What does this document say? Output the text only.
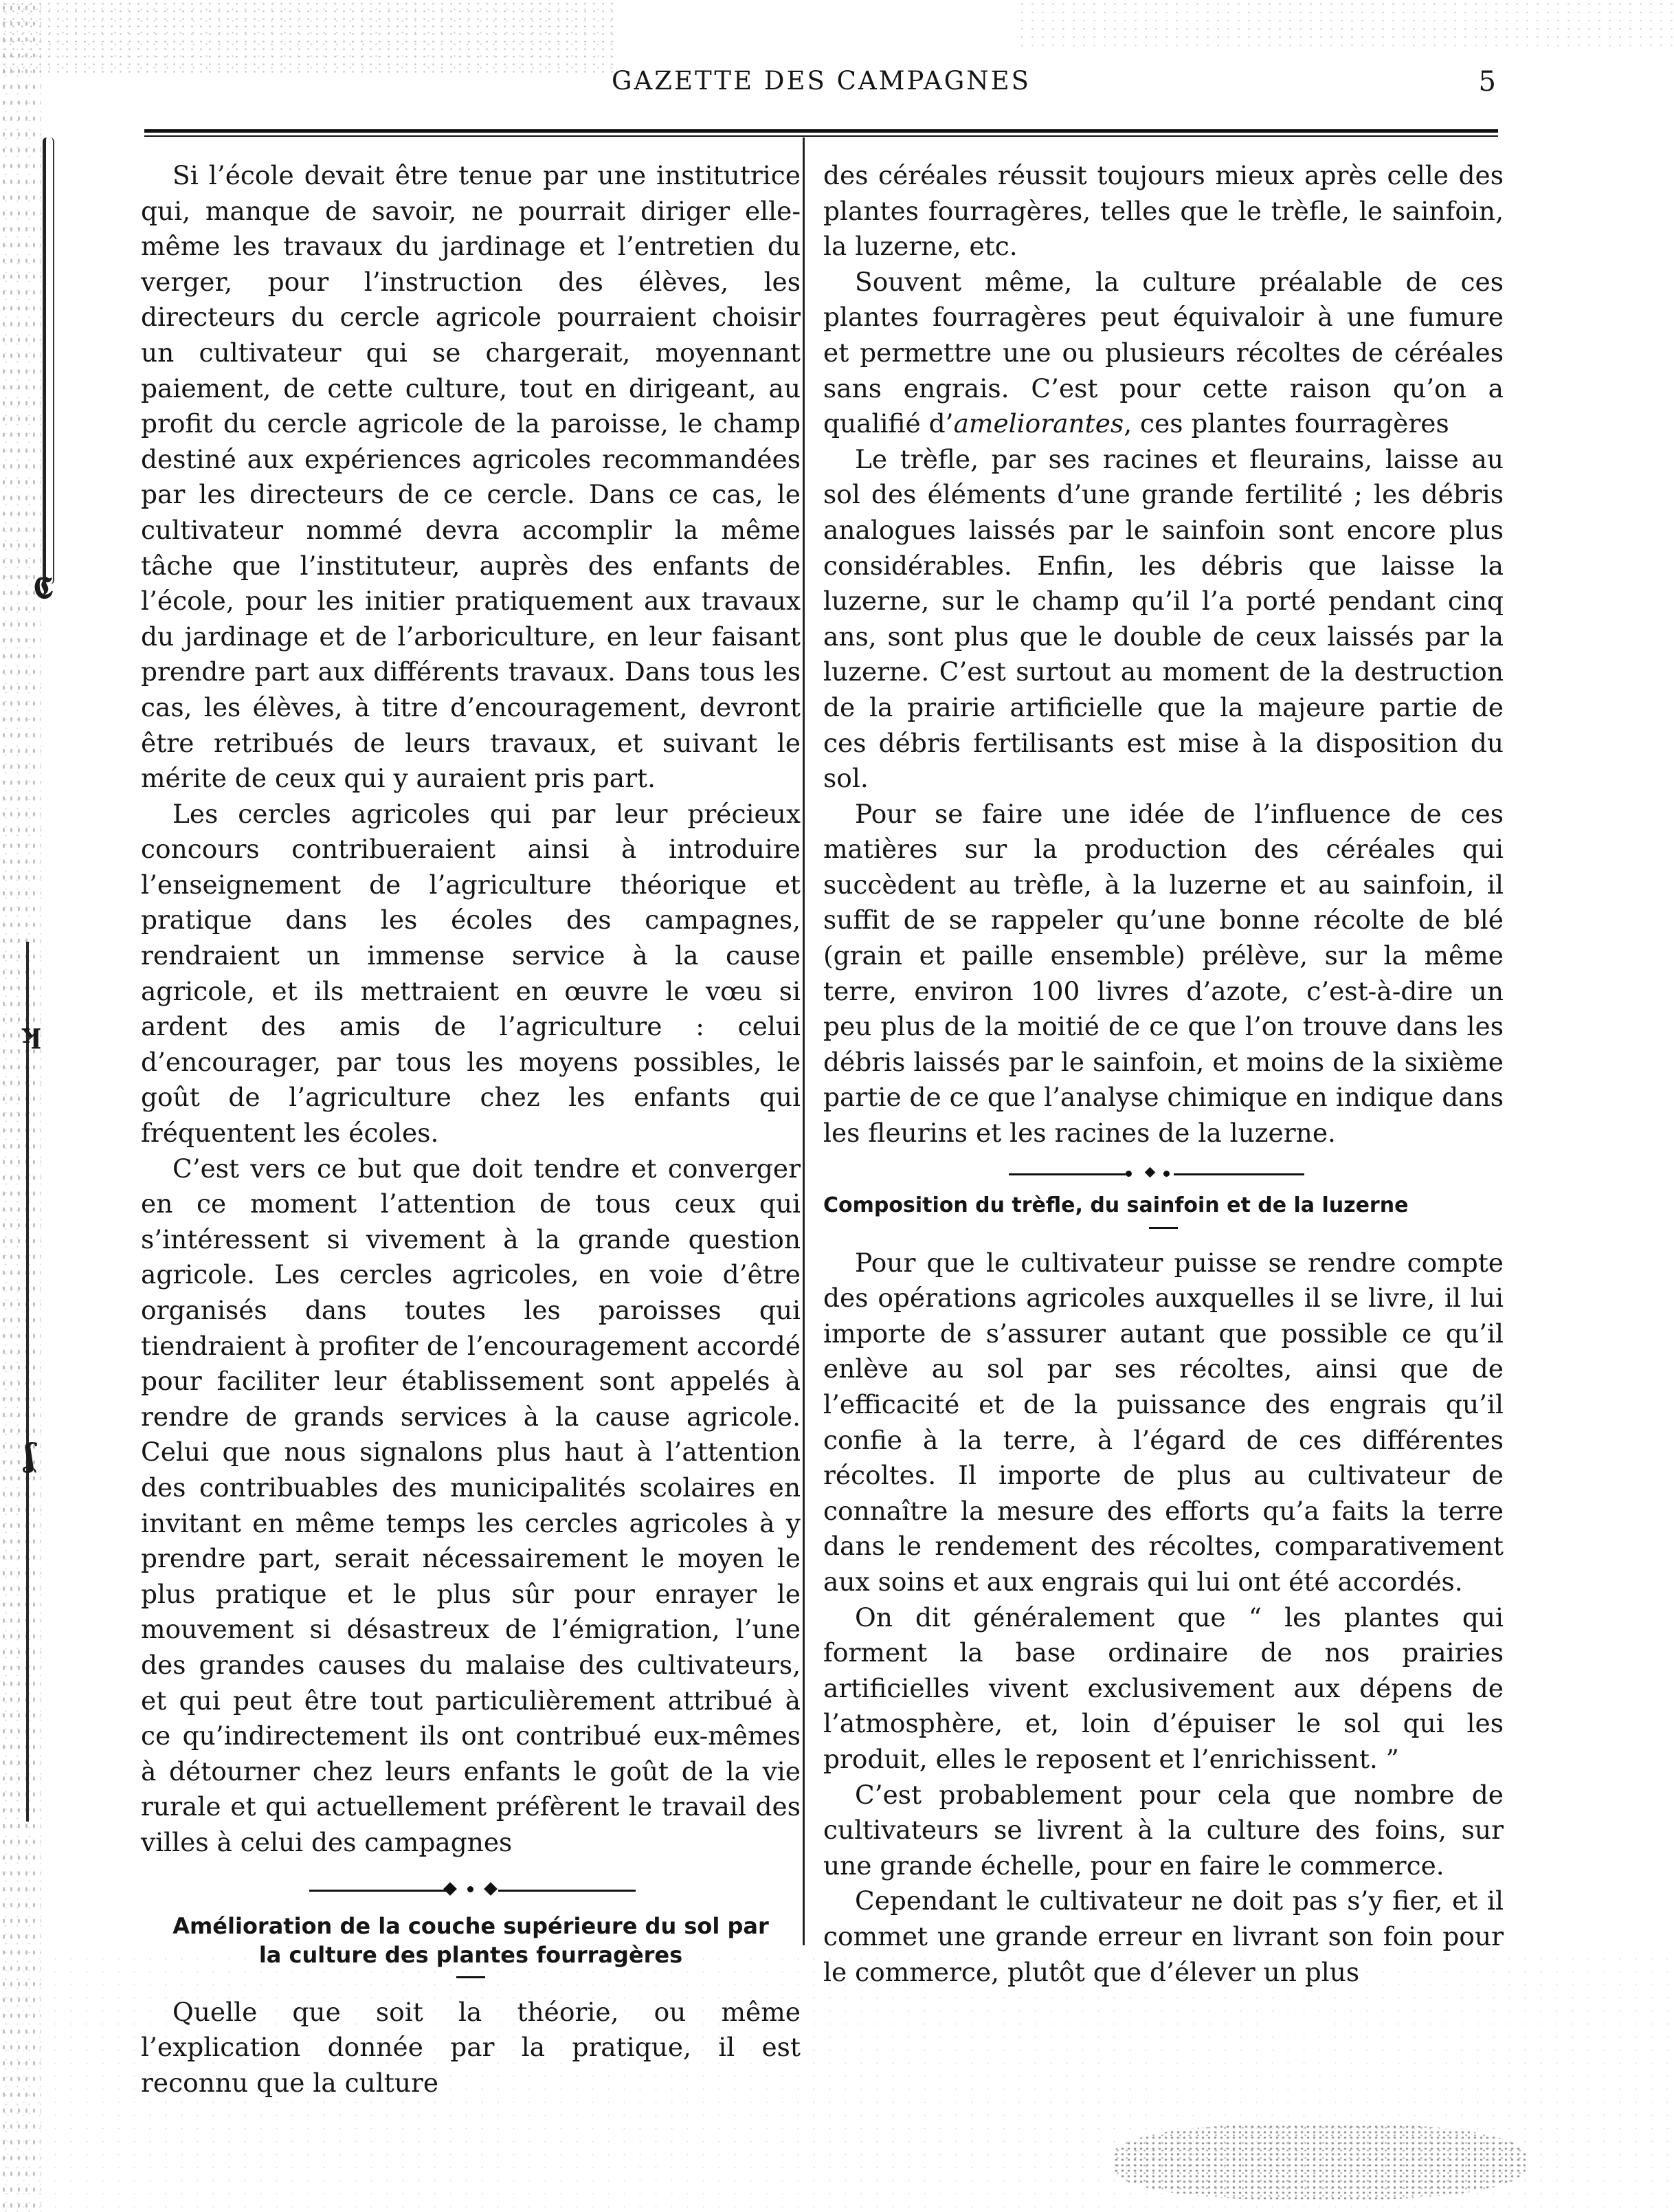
𝕮
ʞ
ʆ
GAZETTE DES CAMPAGNES	5

Si l’école devait être tenue par une institutrice qui, manque de savoir, ne pourrait diriger elle-même les travaux du jardinage et l’entretien du verger, pour l’instruction des élèves, les directeurs du cercle agricole pourraient choisir un cultivateur qui se chargerait, moyennant paiement, de cette culture, tout en dirigeant, au profit du cercle agricole de la paroisse, le champ destiné aux expériences agricoles recommandées par les directeurs de ce cercle. Dans ce cas, le cultivateur nommé devra accomplir la même tâche que l’instituteur, auprès des enfants de l’école, pour les initier pratiquement aux travaux du jardinage et de l’arboriculture, en leur faisant prendre part aux différents travaux. Dans tous les cas, les élèves, à titre d’encouragement, devront être retribués de leurs travaux, et suivant le mérite de ceux qui y auraient pris part.

Les cercles agricoles qui par leur précieux concours contribueraient ainsi à introduire l’enseignement de l’agriculture théorique et pratique dans les écoles des campagnes, rendraient un immense service à la cause agricole, et ils mettraient en œuvre le vœu si ardent des amis de l’agriculture : celui d’encourager, par tous les moyens possibles, le goût de l’agriculture chez les enfants qui fréquentent les écoles.

C’est vers ce but que doit tendre et converger en ce moment l’attention de tous ceux qui s’intéressent si vivement à la grande question agricole. Les cercles agricoles, en voie d’être organisés dans toutes les paroisses qui tiendraient à profiter de l’encouragement accordé pour faciliter leur établissement sont appelés à rendre de grands services à la cause agricole. Celui que nous signalons plus haut à l’attention des contribuables des municipalités scolaires en invitant en même temps les cercles agricoles à y prendre part, serait nécessairement le moyen le plus pratique et le plus sûr pour enrayer le mouvement si désastreux de l’émigration, l’une des grandes causes du malaise des cultivateurs, et qui peut être tout particulièrement attribué à ce qu’indirectement ils ont contribué eux-mêmes à détourner chez leurs enfants le goût de la vie rurale et qui actuellement préfèrent le travail des villes à celui des campagnes

Amélioration de la couche supérieure du sol par
la culture des plantes fourragères

Quelle que soit la théorie, ou même l’explication donnée par la pratique, il est reconnu que la culture

des céréales réussit toujours mieux après celle des plantes fourragères, telles que le trèfle, le sainfoin, la luzerne, etc.

Souvent même, la culture préalable de ces plantes fourragères peut équivaloir à une fumure et permettre une ou plusieurs récoltes de céréales sans engrais. C’est pour cette raison qu’on a qualifié d’ameliorantes, ces plantes fourragères

Le trèfle, par ses racines et fleurains, laisse au sol des éléments d’une grande fertilité ; les débris analogues laissés par le sainfoin sont encore plus considérables. Enfin, les débris que laisse la luzerne, sur le champ qu’il l’a porté pendant cinq ans, sont plus que le double de ceux laissés par la luzerne. C’est surtout au moment de la destruction de la prairie artificielle que la majeure partie de ces débris fertilisants est mise à la disposition du sol.

Pour se faire une idée de l’influence de ces matières sur la production des céréales qui succèdent au trèfle, à la luzerne et au sainfoin, il suffit de se rappeler qu’une bonne récolte de blé (grain et paille ensemble) prélève, sur la même terre, environ 100 livres d’azote, c’est-à-dire un peu plus de la moitié de ce que l’on trouve dans les débris laissés par le sainfoin, et moins de la sixième partie de ce que l’analyse chimique en indique dans les fleurins et les racines de la luzerne.

Composition du trèfle, du sainfoin et de la luzerne

Pour que le cultivateur puisse se rendre compte des opérations agricoles auxquelles il se livre, il lui importe de s’assurer autant que possible ce qu’il enlève au sol par ses récoltes, ainsi que de l’efficacité et de la puissance des engrais qu’il confie à la terre, à l’égard de ces différentes récoltes. Il importe de plus au cultivateur de connaître la mesure des efforts qu’a faits la terre dans le rendement des récoltes, comparativement aux soins et aux engrais qui lui ont été accordés.

On dit généralement que “ les plantes qui forment la base ordinaire de nos prairies artificielles vivent exclusivement aux dépens de l’atmosphère, et, loin d’épuiser le sol qui les produit, elles le reposent et l’enrichissent. ”

C’est probablement pour cela que nombre de cultivateurs se livrent à la culture des foins, sur une grande échelle, pour en faire le commerce.

Cependant le cultivateur ne doit pas s’y fier, et il commet une grande erreur en livrant son foin pour le commerce, plutôt que d’élever un plus
